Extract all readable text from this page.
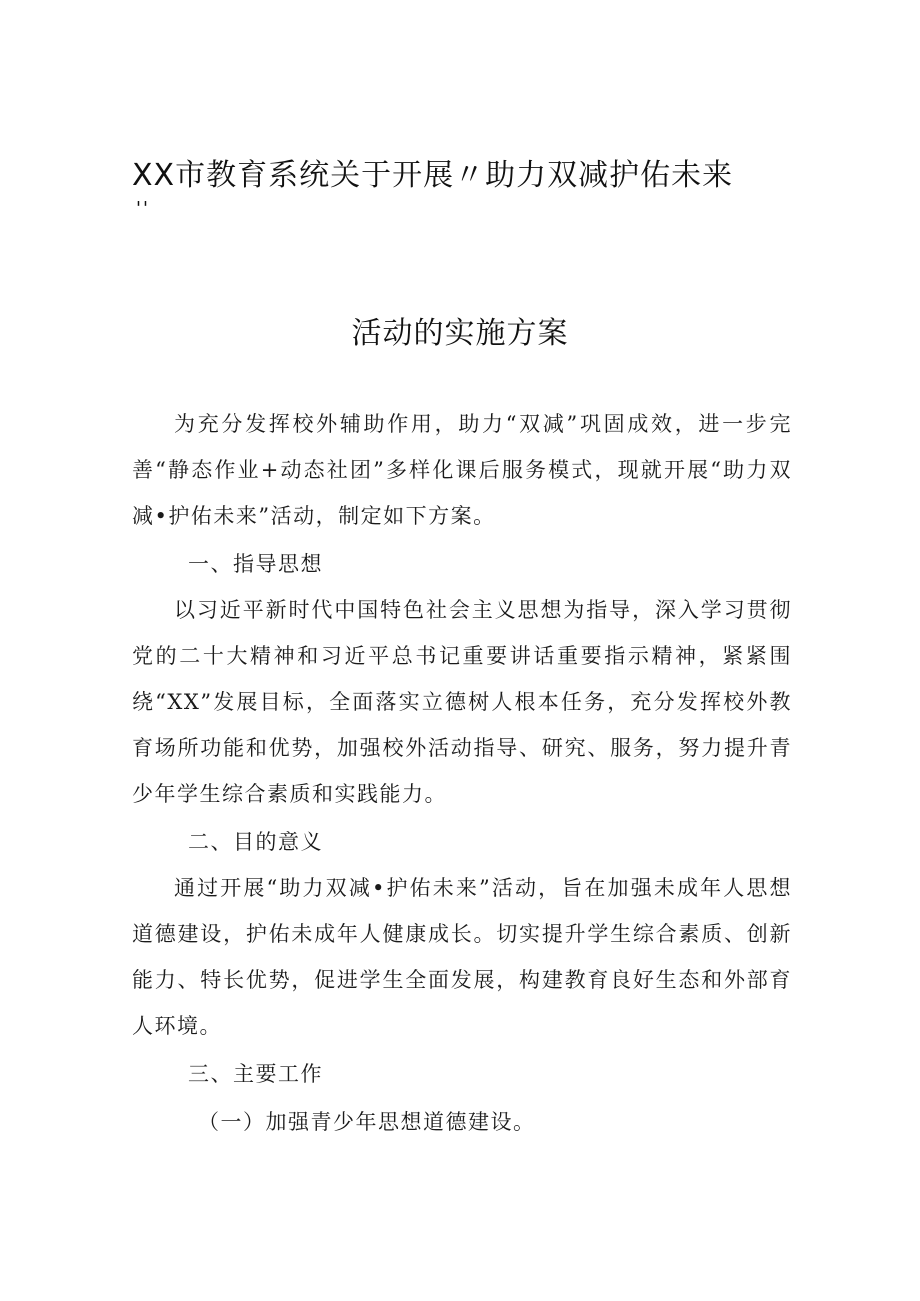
XX市教育系统关于开展〃助力双减护佑未来
''
活动的实施方案

为充分发挥校外辅助作用，助力“双减”巩固成效，进一步完善“静态作业+动态社团”多样化课后服务模式，现就开展“助力双减•护佑未来”活动，制定如下方案。

一、指导思想

以习近平新时代中国特色社会主义思想为指导，深入学习贯彻党的二十大精神和习近平总书记重要讲话重要指示精神，紧紧围绕“XX”发展目标，全面落实立德树人根本任务，充分发挥校外教育场所功能和优势，加强校外活动指导、研究、服务，努力提升青少年学生综合素质和实践能力。

二、目的意义

通过开展“助力双减•护佑未来”活动，旨在加强未成年人思想道德建设，护佑未成年人健康成长。切实提升学生综合素质、创新能力、特长优势，促进学生全面发展，构建教育良好生态和外部育人环境。

三、主要工作

（一）加强青少年思想道德建设。
